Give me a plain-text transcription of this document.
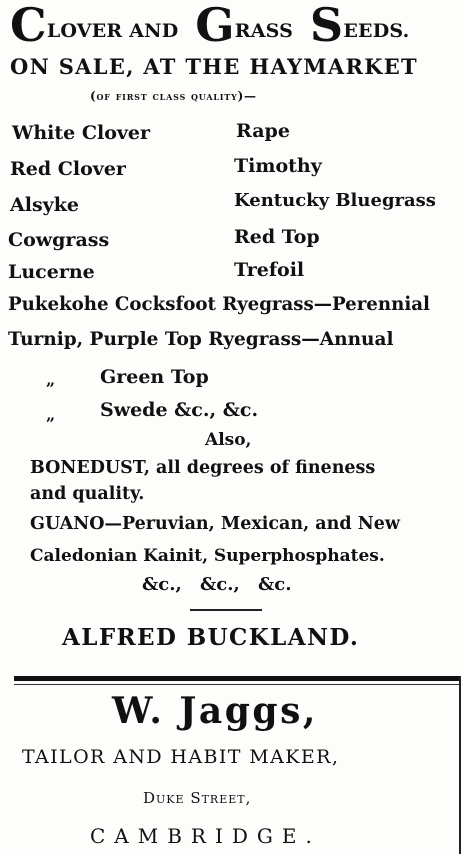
CLOVER AND GRASS SEEDS.
ON SALE, AT THE HAYMARKET
(of first class quality)—
White Clover
Red Clover
Alsyke
Cowgrass
Lucerne
Rape
Timothy
Kentucky Bluegrass
Red Top
Trefoil
Pukekohe Cocksfoot Ryegrass—Perennial
Turnip, Purple Top Ryegrass—Annual
„ Green Top
„ Swede &c., &c.
Also,
BONEDUST, all degrees of fineness
and quality.
GUANO—Peruvian, Mexican, and New
Caledonian Kainit, Superphosphates.
&c., &c., &c.
ALFRED BUCKLAND.
W. Jaggs,
TAILOR AND HABIT MAKER,
Duke Street,
CAMBRIDGE.
